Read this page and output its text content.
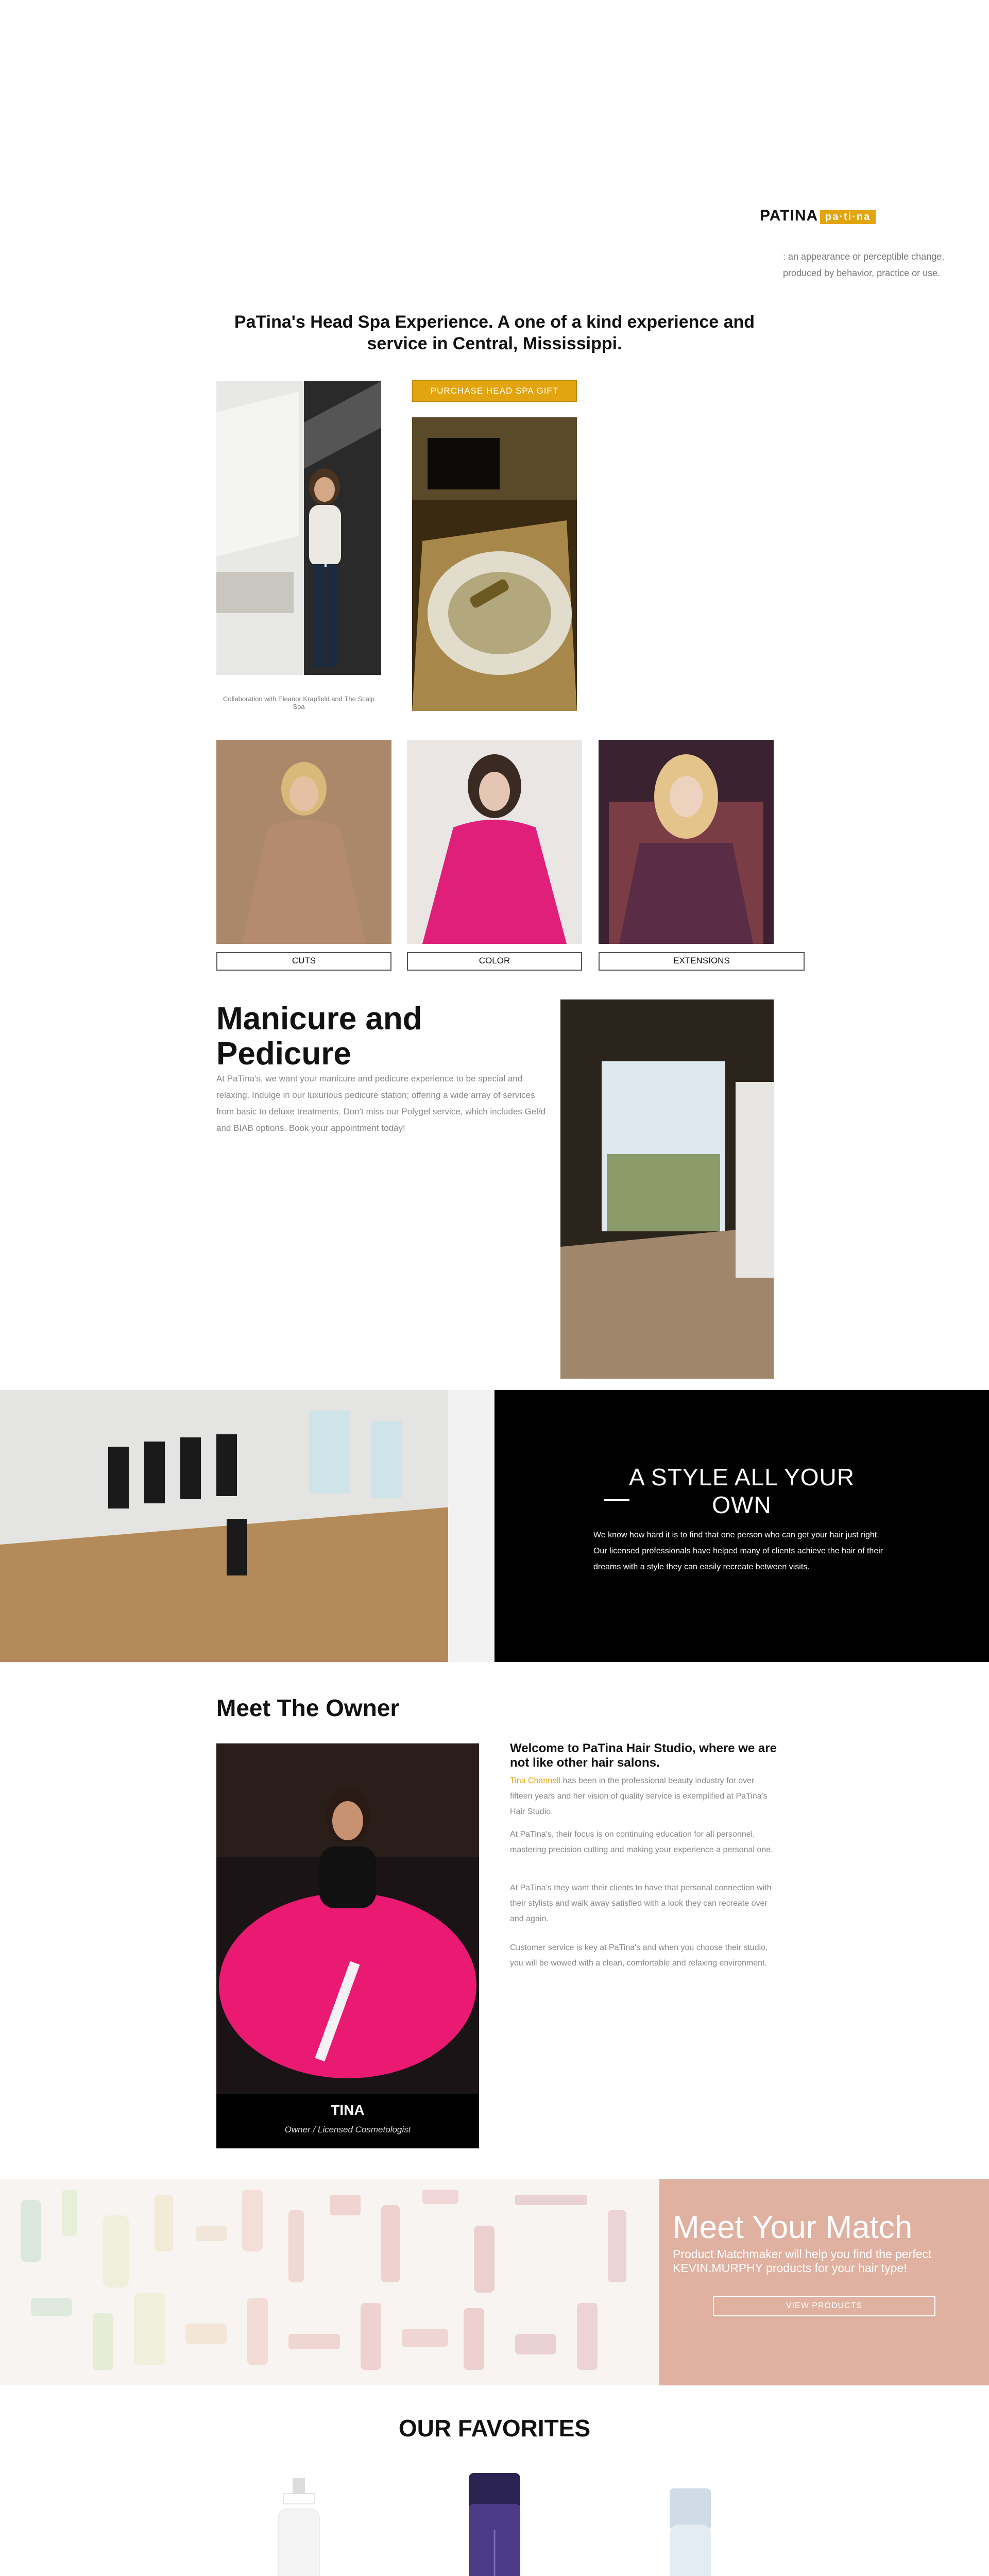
PATINA pa·ti·na
: an appearance or perceptible change, produced by behavior, practice or use.
PaTina's Head Spa Experience. A one of a kind experience and service in Central, Mississippi.
Collaboration with Eleanor Krapfield and The Scalp Spa
PURCHASE HEAD SPA GIFT CARDS
CUTS	COLOR	EXTENSIONS
Manicure and Pedicure
At PaTina's, we want your manicure and pedicure experience to be special and relaxing. Indulge in our luxurious pedicure station; offering a wide array of services from basic to deluxe treatments. Don't miss our Polygel service, which includes Gel/d and BIAB options. Book your appointment today!
A STYLE ALL YOUR OWN
We know how hard it is to find that one person who can get your hair just right. Our licensed professionals have helped many of clients achieve the hair of their dreams with a style they can easily recreate between visits.
Meet The Owner
TINA
Owner / Licensed Cosmetologist
Welcome to PaTina Hair Studio, where we are not like other hair salons.
Tina Channell has been in the professional beauty industry for over fifteen years and her vision of quality service is exemplified at PaTina's Hair Studio.
At PaTina's, their focus is on continuing education for all personnel, mastering precision cutting and making your experience a personal one.
At PaTina's they want their clients to have that personal connection with their stylists and walk away satisfied with a look they can recreate over and again.
Customer service is key at PaTina's and when you choose their studio, you will be wowed with a clean, comfortable and relaxing environment.
Meet Your Match
Product Matchmaker will help you find the perfect KEVIN.MURPHY products for your hair type!
VIEW PRODUCTS
OUR FAVORITES
